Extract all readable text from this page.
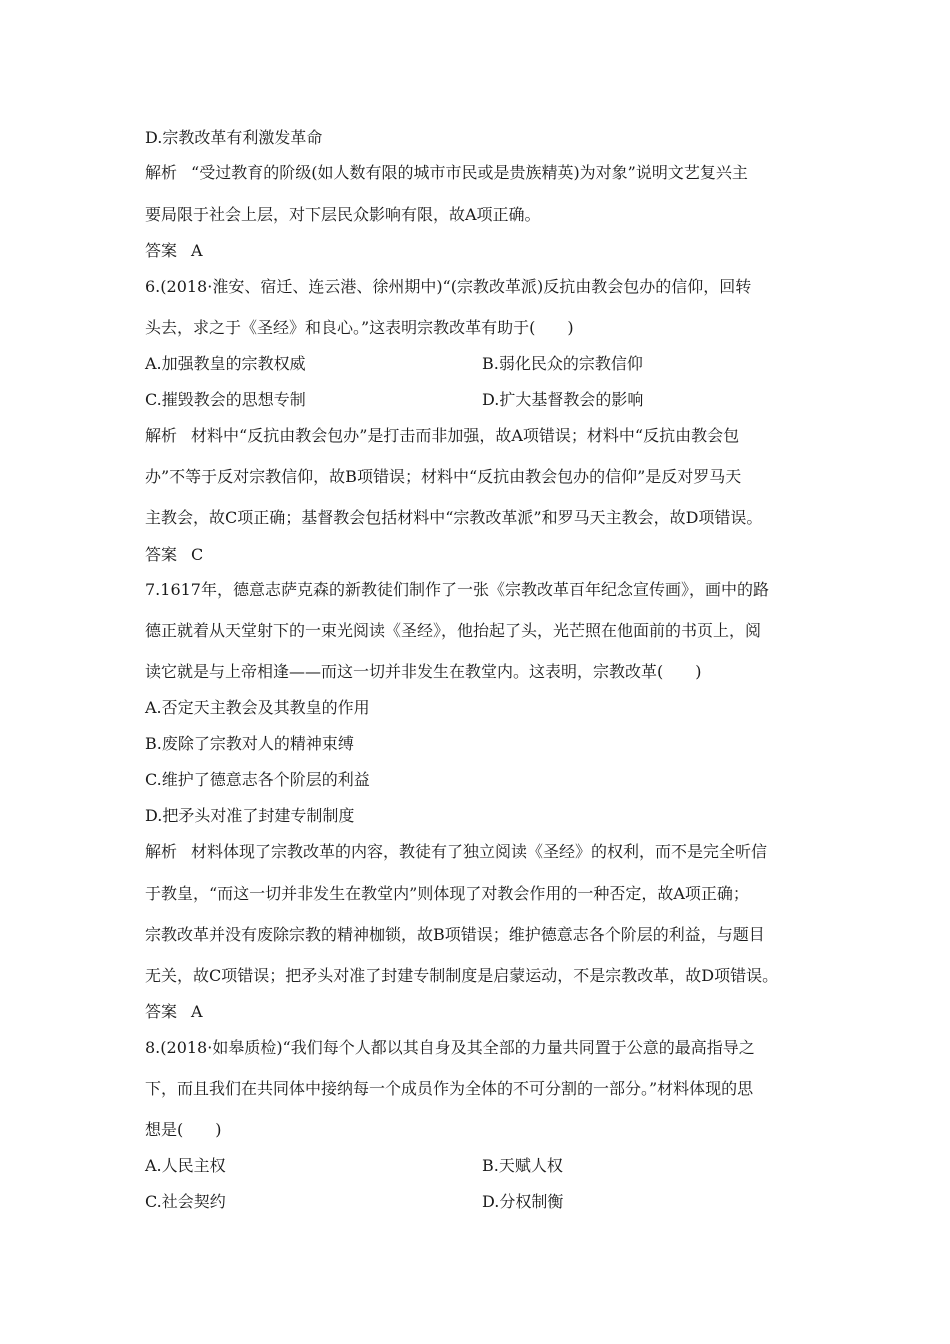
D.宗教改革有利激发革命
解析 “受过教育的阶级(如人数有限的城市市民或是贵族精英)为对象”说明文艺复兴主
要局限于社会上层，对下层民众影响有限，故A项正确。
答案 A
6.(2018·淮安、宿迁、连云港、徐州期中)“(宗教改革派)反抗由教会包办的信仰，回转
头去，求之于《圣经》和良心。”这表明宗教改革有助于(　　)
A.加强教皇的宗教权威	B.弱化民众的宗教信仰
C.摧毁教会的思想专制	D.扩大基督教会的影响
解析 材料中“反抗由教会包办”是打击而非加强，故A项错误；材料中“反抗由教会包
办”不等于反对宗教信仰，故B项错误；材料中“反抗由教会包办的信仰”是反对罗马天
主教会，故C项正确；基督教会包括材料中“宗教改革派”和罗马天主教会，故D项错误。
答案 C
7.1617年，德意志萨克森的新教徒们制作了一张《宗教改革百年纪念宣传画》，画中的路
德正就着从天堂射下的一束光阅读《圣经》，他抬起了头，光芒照在他面前的书页上，阅
读它就是与上帝相逢——而这一切并非发生在教堂内。这表明，宗教改革(　　)
A.否定天主教会及其教皇的作用
B.废除了宗教对人的精神束缚
C.维护了德意志各个阶层的利益
D.把矛头对准了封建专制制度
解析 材料体现了宗教改革的内容，教徒有了独立阅读《圣经》的权利，而不是完全听信
于教皇，“而这一切并非发生在教堂内”则体现了对教会作用的一种否定，故A项正确；
宗教改革并没有废除宗教的精神枷锁，故B项错误；维护德意志各个阶层的利益，与题目
无关，故C项错误；把矛头对准了封建专制制度是启蒙运动，不是宗教改革，故D项错误。
答案 A
8.(2018·如皋质检)“我们每个人都以其自身及其全部的力量共同置于公意的最高指导之
下，而且我们在共同体中接纳每一个成员作为全体的不可分割的一部分。”材料体现的思
想是(　　)
A.人民主权	B.天赋人权
C.社会契约	D.分权制衡
